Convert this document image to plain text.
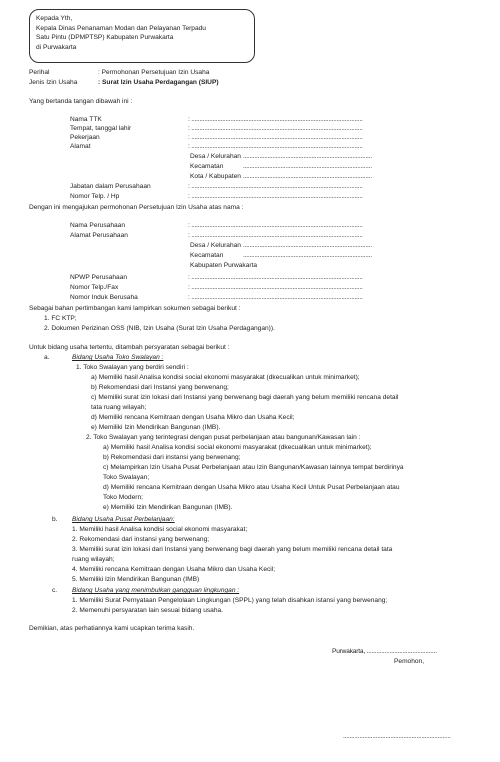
Kepada Yth,
Kepala Dinas Penanaman Modan dan Pelayanan Terpadu
Satu Pintu (DPMPTSP) Kabupaten Purwakarta
di Purwakarta
Perihal	: Permohonan Persetujuan Izin Usaha
Jenis Izin Usaha	: Surat Izin Usaha Perdagangan (SIUP)
Yang bertanda tangan dibawah ini :
Nama TTK	: .........................................................................................................
Tempat, tanggal lahir	: .........................................................................................................
Pekerjaan	: .........................................................................................................
Alamat	: .........................................................................................................
Desa / Kelurahan ...............................................................................
Kecamatan	...............................................................................
Kota / Kabupaten ...............................................................................
Jabatan dalam Perusahaan	: .........................................................................................................
Nomor Telp. / Hp	: .........................................................................................................
Dengan ini mengajukan permohonan Persetujuan Izin Usaha atas nama :
Nama Perusahaan	: .........................................................................................................
Alamat Perusahaan	: .........................................................................................................
Desa / Kelurahan ...............................................................................
Kecamatan	...............................................................................
Kabupaten Purwakarta
NPWP Perusahaan	: .........................................................................................................
Nomor Telp./Fax	: .........................................................................................................
Nomor Induk Berusaha	: .........................................................................................................
Sebagai bahan pertimbangan kami lampirkan sokumen sebagai berikut :
1. FC KTP;
2. Dokumen Perizinan OSS (NIB, Izin Usaha (Surat Izin Usaha Perdagangan)).
Untuk bidang usaha tertentu, ditambah persyaratan sebagai berikut :
a.	Bidang Usaha Toko Swalayan :
1. Toko Swalayan yang berdiri sendiri :
a) Memiliki hasil Analisa kondisi social ekonomi masyarakat (dkecualikan untuk minimarket);
b) Rekomendasi dari Instansi yang berwenang;
c) Memiliki surat izin lokasi dari Instansi yang berwenang bagi daerah yang belum memiliki rencana detail
tata ruang wilayah;
d) Memiliki rencana Kemitraan dengan Usaha Mikro dan Usaha Kecil;
e) Memiliki Izin Mendirikan Bangunan (IMB).
2. Toko Swalayan yang terintegrasi dengan pusat perbelanjaan atau bangunan/Kawasan lain :
a) Memiliki hasil Analisa kondisi social ekonomi masyarakat (dkecualikan untuk minimarket);
b) Rekomendasi dari instansi yang berwenang;
c) Melampirkan Izin Usaha Pusat Perbelanjaan atau Izin Bangunan/Kawasan lainnya tempat berdirinya
Toko Swalayan;
d) Memiliki rencana Kemitraan dengan Usaha Mikro atau Usaha Kecil Untuk Pusat Perbelanjaan atau
Toko Modern;
e) Memiliki Izin Mendirikan Bangunan (IMB).
b. Bidang Usaha Pusat Perbelanjaan:
1. Memiliki hasil Analisa kondisi social ekonomi masyarakat;
2. Rekomendasi dari instansi yang berwenang;
3. Memiliki surat izin lokasi dari Instansi yang berwenang bagi daerah yang belum memiliki rencana detail tata
ruang wilayah;
4. Memiliki rencana Kemitraan dengan Usaha Mikro dan Usaha Kecil;
5. Memiliki Izin Mendirikan Bangunan (IMB)
c. Bidang Usaha yang menimbulkan gangguan lingkungan :
1. Memiliki Surat Pernyataan Pengelolaan Lingkungan (SPPL) yang telah disahkan istansi yang berwenang;
2. Memenuhi persyaratan lain sesuai bidang usaha.
Demikian, atas perhatiannya kami ucapkan terima kasih.
Purwakarta, ...........................................
Pemohon,
..................................................................
